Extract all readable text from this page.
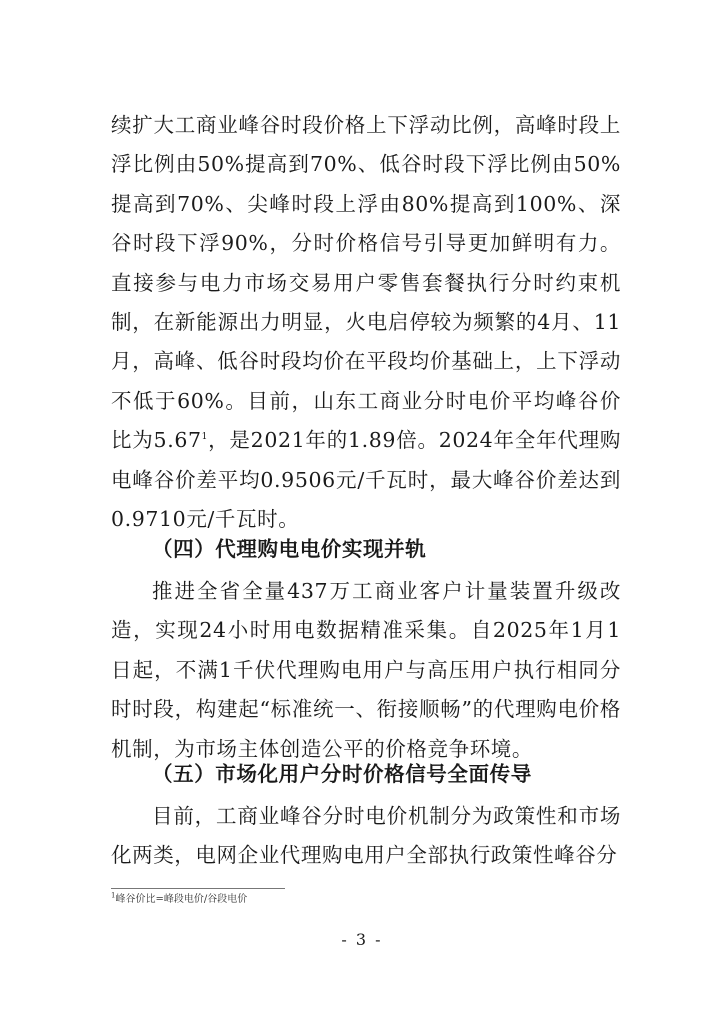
续扩大工商业峰谷时段价格上下浮动比例，高峰时段上浮比例由50%提高到70%、低谷时段下浮比例由50%提高到70%、尖峰时段上浮由80%提高到100%、深谷时段下浮90%，分时价格信号引导更加鲜明有力。直接参与电力市场交易用户零售套餐执行分时约束机制，在新能源出力明显，火电启停较为频繁的4月、11月，高峰、低谷时段均价在平段均价基础上，上下浮动不低于60%。目前，山东工商业分时电价平均峰谷价比为5.67$^1$，是2021年的1.89倍。2024年全年代理购电峰谷价差平均0.9506元/千瓦时，最大峰谷价差达到0.9710元/千瓦时。

（四）代理购电电价实现并轨

推进全省全量437万工商业客户计量装置升级改造，实现24小时用电数据精准采集。自2025年1月1日起，不满1千伏代理购电用户与高压用户执行相同分时时段，构建起“标准统一、衔接顺畅”的代理购电价格机制，为市场主体创造公平的价格竞争环境。

（五）市场化用户分时价格信号全面传导

目前，工商业峰谷分时电价机制分为政策性和市场化两类，电网企业代理购电用户全部执行政策性峰谷分

$^1$峰谷价比=峰段电价/谷段电价
- 3 -
